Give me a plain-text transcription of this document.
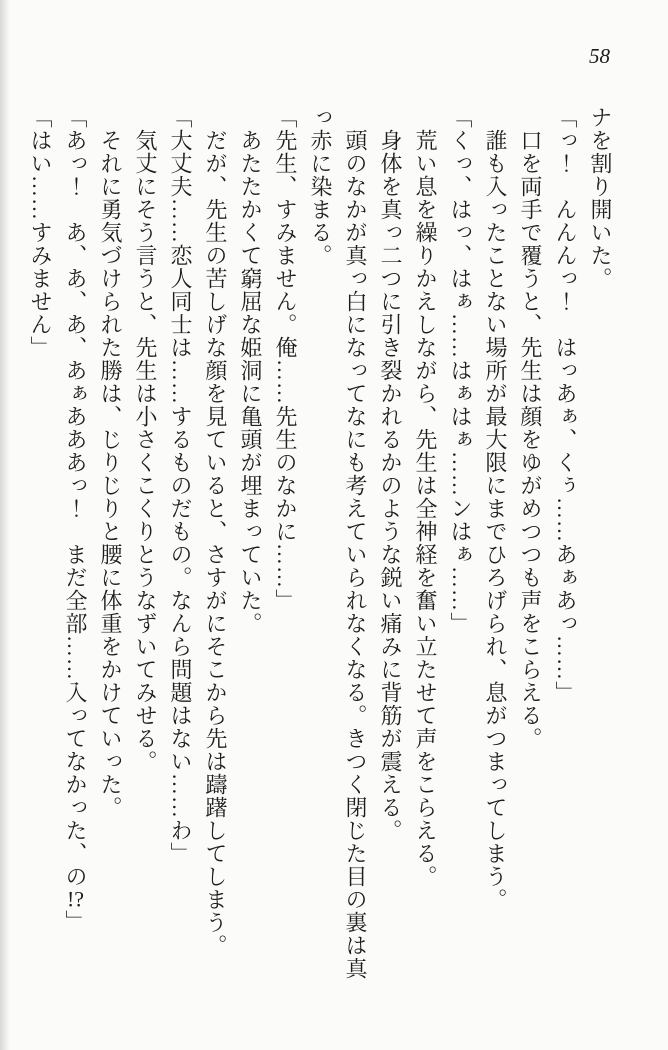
58

ナを割り開いた。

「っ！　んんんっ！　はっあぁ、くぅ……あぁあっ……」

　口を両手で覆うと、先生は顔をゆがめつつも声をこらえる。

　誰も入ったことない場所が最大限にまでひろげられ、息がつまってしまう。

「くっ、はっ、はぁ……はぁはぁ……ンはぁ……」

　荒い息を繰りかえしながら、先生は全神経を奮い立たせて声をこらえる。

　身体を真っ二つに引き裂かれるかのような鋭い痛みに背筋が震える。

　頭のなかが真っ白になってなにも考えていられなくなる。きつく閉じた目の裏は真

っ赤に染まる。

「先生、すみません。俺……先生のなかに……」

　あたたかくて窮屈な姫洞に亀頭が埋まっていた。

　だが、先生の苦しげな顔を見ていると、さすがにそこから先は躊躇してしまう。

「大丈夫……恋人同士は……するものだもの。なんら問題はない……わ」

　気丈にそう言うと、先生は小さくこくりとうなずいてみせる。

　それに勇気づけられた勝は、じりじりと腰に体重をかけていった。

「あっ！　あ、あ、あ、あぁあああっ！　まだ全部……入ってなかった、の!?」

「はい……すみません」
